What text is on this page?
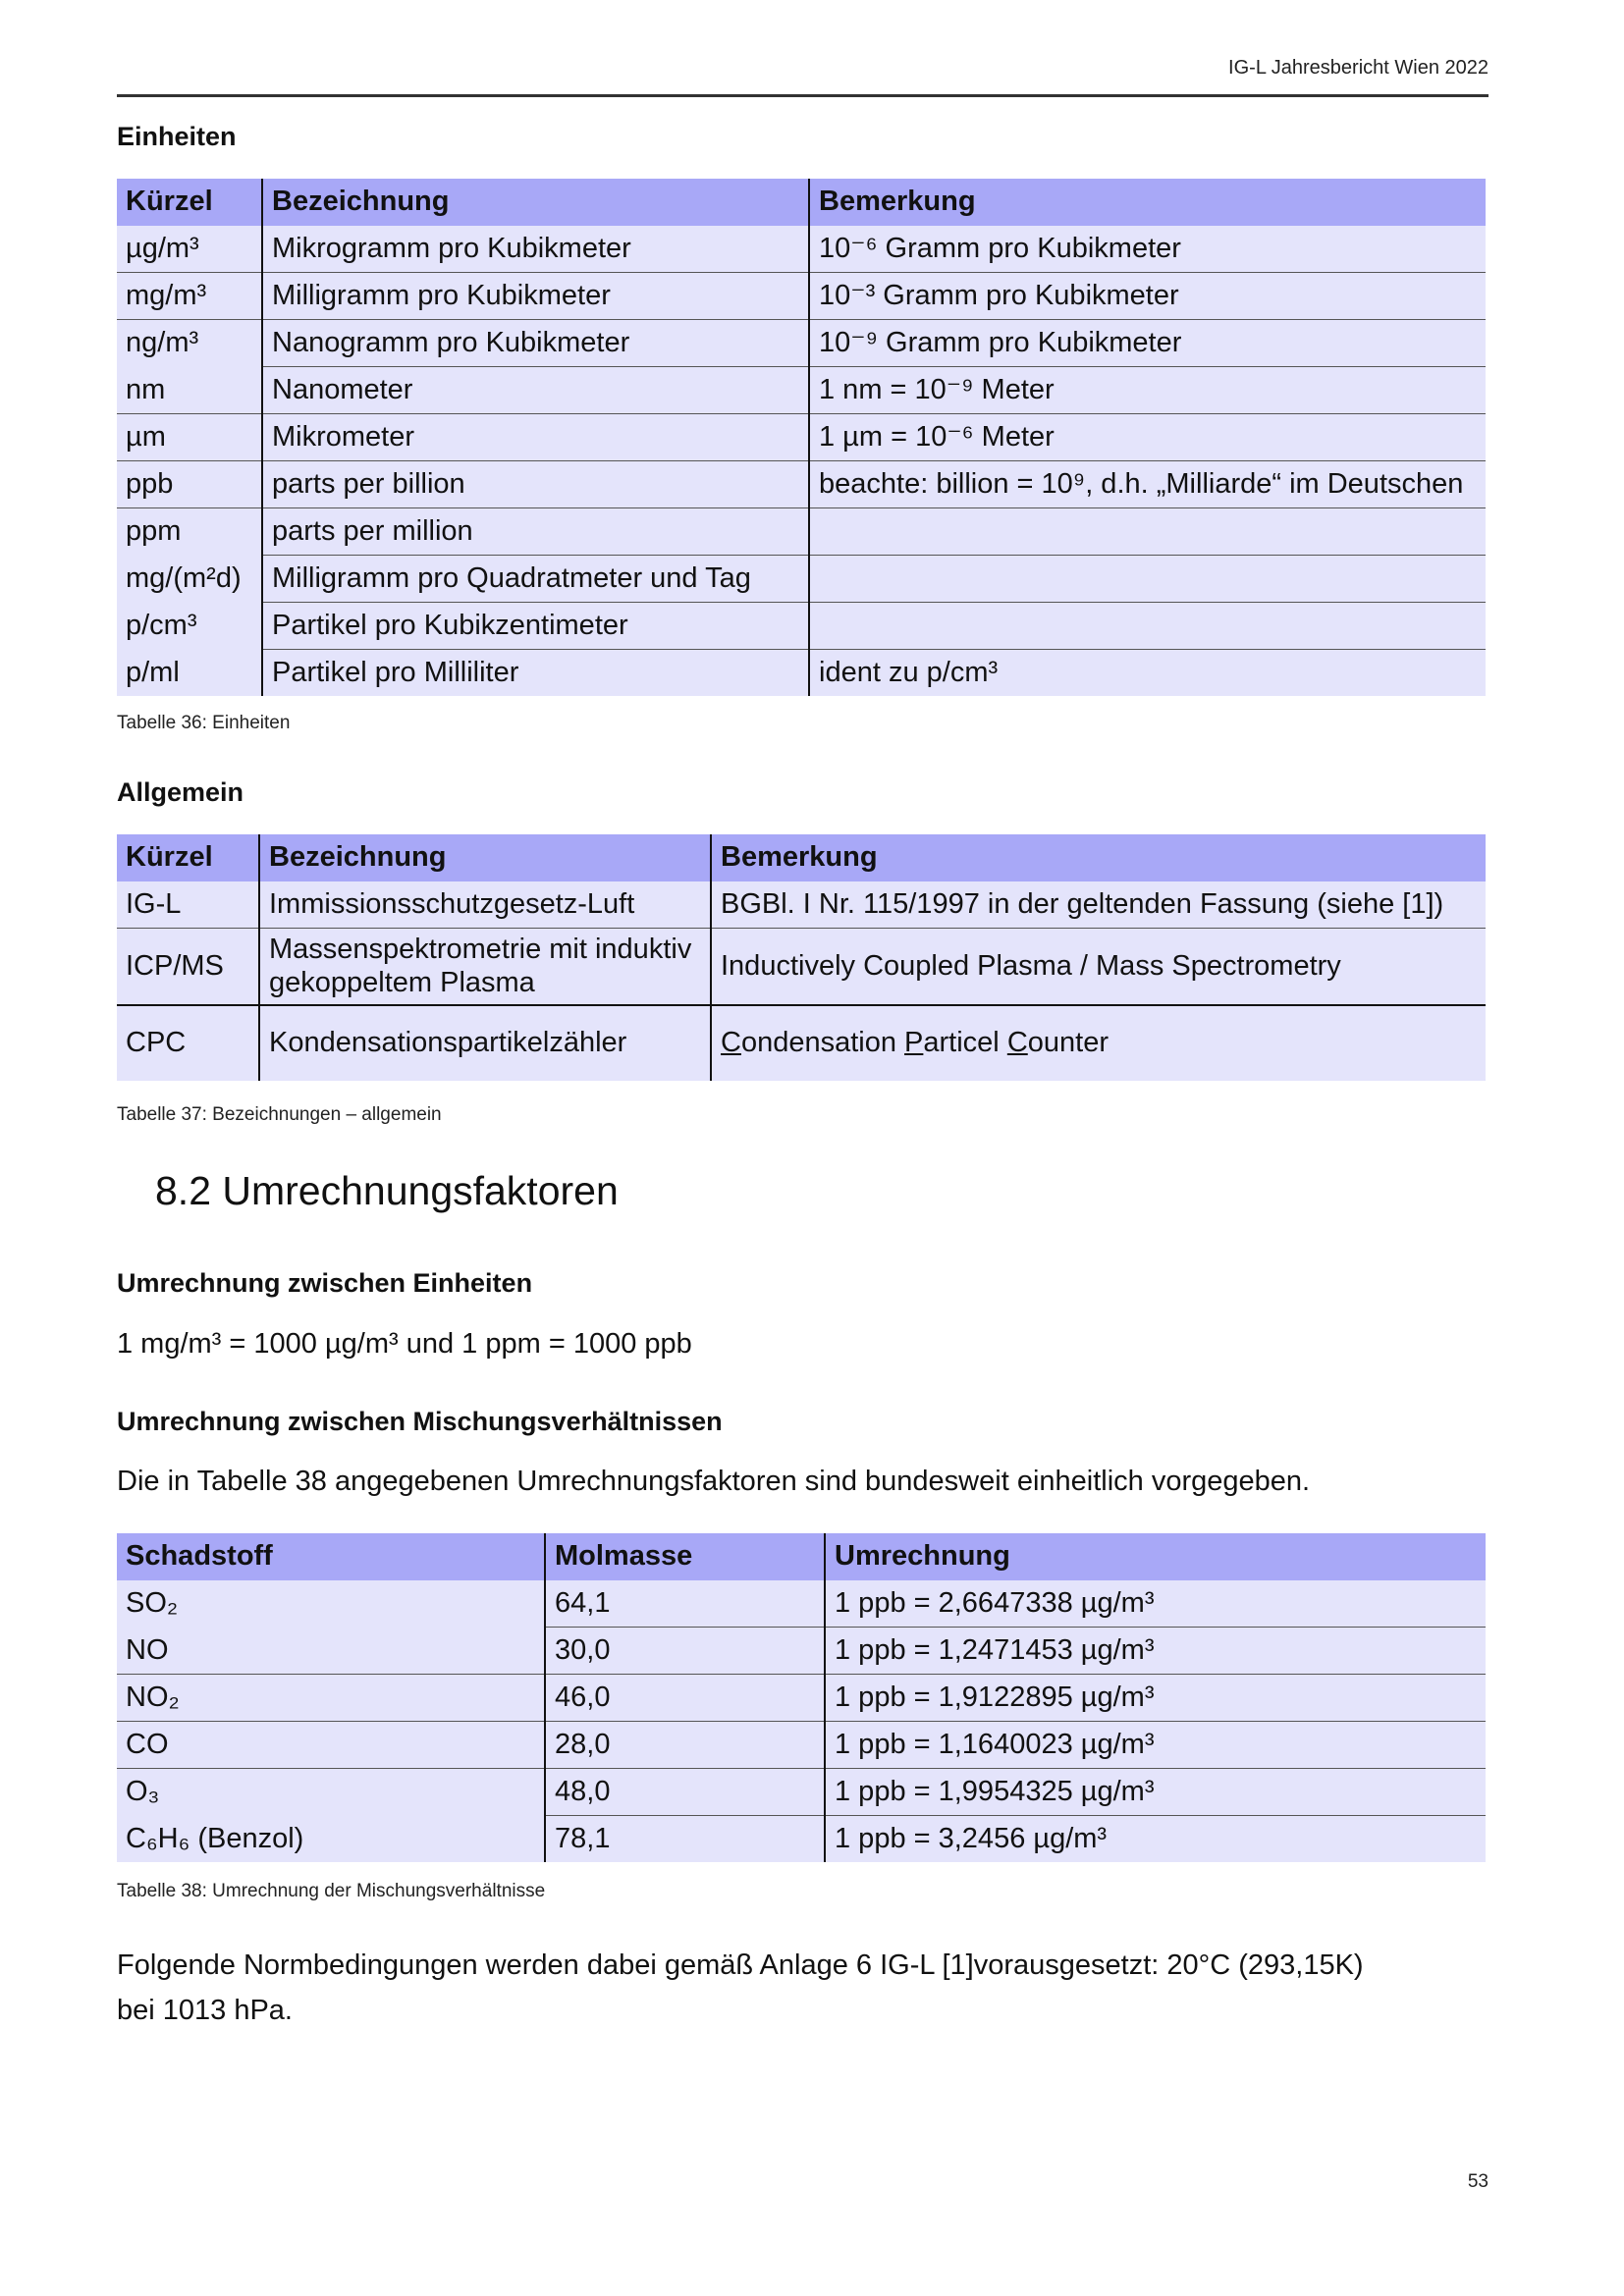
IG-L Jahresbericht Wien 2022
Einheiten
Kürzel	Bezeichnung	Bemerkung
µg/m³	Mikrogramm pro Kubikmeter	10⁻⁶ Gramm pro Kubikmeter
mg/m³	Milligramm pro Kubikmeter	10⁻³ Gramm pro Kubikmeter
ng/m³	Nanogramm pro Kubikmeter	10⁻⁹ Gramm pro Kubikmeter
nm	Nanometer	1 nm = 10⁻⁹ Meter
µm	Mikrometer	1 µm = 10⁻⁶ Meter
ppb	parts per billion	beachte: billion = 10⁹, d.h. „Milliarde“ im Deutschen
ppm	parts per million	
mg/(m²d)	Milligramm pro Quadratmeter und Tag	
p/cm³	Partikel pro Kubikzentimeter	
p/ml	Partikel pro Milliliter	ident zu p/cm³
Tabelle 36: Einheiten
Allgemein
Kürzel	Bezeichnung	Bemerkung
IG-L	Immissionsschutzgesetz-Luft	BGBl. I Nr. 115/1997 in der geltenden Fassung (siehe [1])
ICP/MS	Massenspektrometrie mit induktiv gekoppeltem Plasma	Inductively Coupled Plasma / Mass Spectrometry
CPC	Kondensationspartikelzähler	Condensation Particel Counter
Tabelle 37: Bezeichnungen – allgemein
8.2 Umrechnungsfaktoren
Umrechnung zwischen Einheiten
1 mg/m³ = 1000 µg/m³ und 1 ppm = 1000 ppb
Umrechnung zwischen Mischungsverhältnissen
Die in Tabelle 38 angegebenen Umrechnungsfaktoren sind bundesweit einheitlich vorgegeben.
Schadstoff	Molmasse	Umrechnung
SO₂	64,1	1 ppb = 2,6647338 µg/m³
NO	30,0	1 ppb = 1,2471453 µg/m³
NO₂	46,0	1 ppb = 1,9122895 µg/m³
CO	28,0	1 ppb = 1,1640023 µg/m³
O₃	48,0	1 ppb = 1,9954325 µg/m³
C₆H₆ (Benzol)	78,1	1 ppb = 3,2456 µg/m³
Tabelle 38: Umrechnung der Mischungsverhältnisse
Folgende Normbedingungen werden dabei gemäß Anlage 6 IG-L [1]vorausgesetzt: 20°C (293,15K)
bei 1013 hPa.
53
